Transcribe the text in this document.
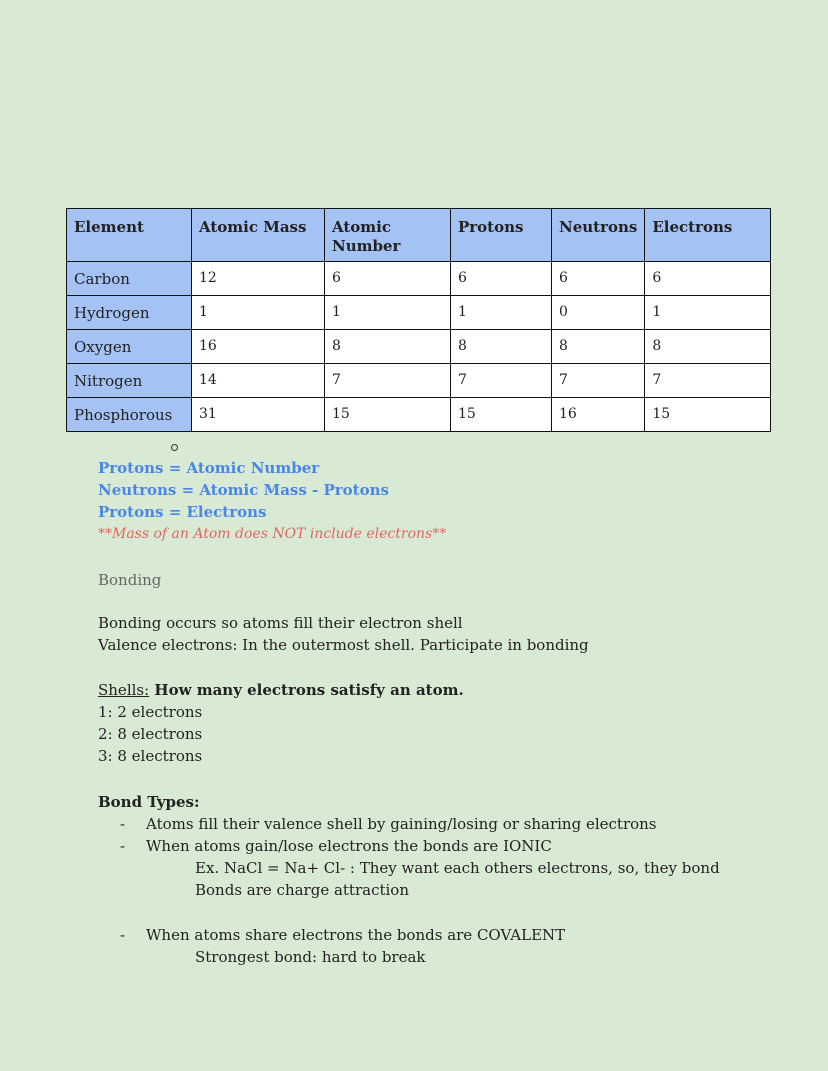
Element	Atomic Mass	Atomic Number	Protons	Neutrons	Electrons
Carbon	12	6	6	6	6
Hydrogen	1	1	1	0	1
Oxygen	16	8	8	8	8
Nitrogen	14	7	7	7	7
Phosphorous	31	15	15	16	15
Protons = Atomic Number
Neutrons = Atomic Mass - Protons
Protons = Electrons
**Mass of an Atom does NOT include electrons**
Bonding
Bonding occurs so atoms fill their electron shell
Valence electrons: In the outermost shell. Participate in bonding
Shells: How many electrons satisfy an atom.
1: 2 electrons
2: 8 electrons
3: 8 electrons
Bond Types:
- Atoms fill their valence shell by gaining/losing or sharing electrons
- When atoms gain/lose electrons the bonds are IONIC
Ex. NaCl = Na+ Cl- : They want each others electrons, so, they bond
Bonds are charge attraction
- When atoms share electrons the bonds are COVALENT
Strongest bond: hard to break
